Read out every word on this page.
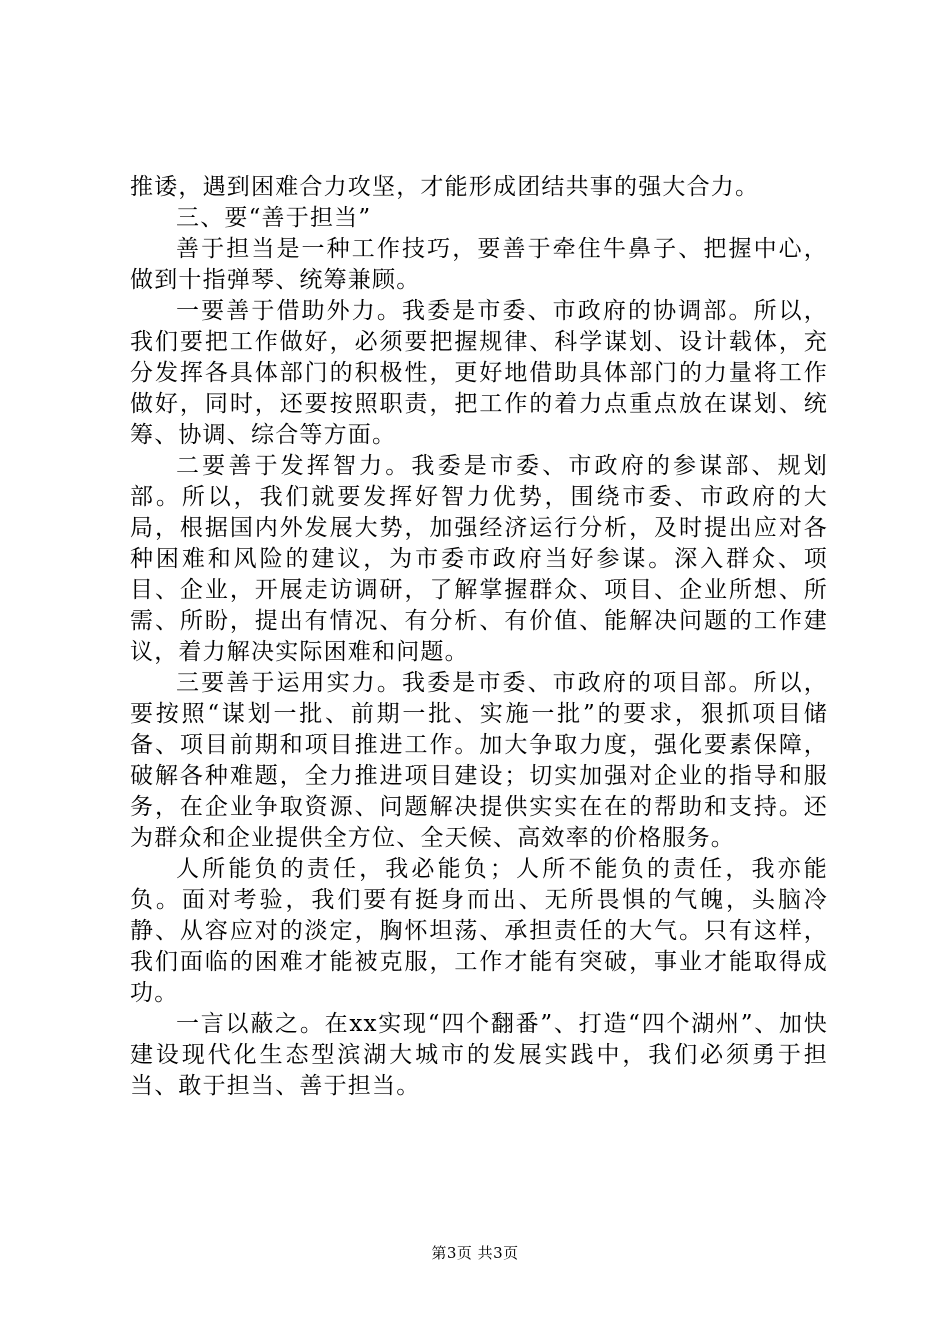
推诿，遇到困难合力攻坚，才能形成团结共事的强大合力。

三、要“善于担当”

善于担当是一种工作技巧，要善于牵住牛鼻子、把握中心，做到十指弹琴、统筹兼顾。

一要善于借助外力。我委是市委、市政府的协调部。所以，我们要把工作做好，必须要把握规律、科学谋划、设计载体，充分发挥各具体部门的积极性，更好地借助具体部门的力量将工作做好，同时，还要按照职责，把工作的着力点重点放在谋划、统筹、协调、综合等方面。

二要善于发挥智力。我委是市委、市政府的参谋部、规划部。所以，我们就要发挥好智力优势，围绕市委、市政府的大局，根据国内外发展大势，加强经济运行分析，及时提出应对各种困难和风险的建议，为市委市政府当好参谋。深入群众、项目、企业，开展走访调研，了解掌握群众、项目、企业所想、所需、所盼，提出有情况、有分析、有价值、能解决问题的工作建议，着力解决实际困难和问题。

三要善于运用实力。我委是市委、市政府的项目部。所以，要按照“谋划一批、前期一批、实施一批”的要求，狠抓项目储备、项目前期和项目推进工作。加大争取力度，强化要素保障，破解各种难题，全力推进项目建设；切实加强对企业的指导和服务，在企业争取资源、问题解决提供实实在在的帮助和支持。还为群众和企业提供全方位、全天候、高效率的价格服务。

人所能负的责任，我必能负；人所不能负的责任，我亦能负。面对考验，我们要有挺身而出、无所畏惧的气魄，头脑冷静、从容应对的淡定，胸怀坦荡、承担责任的大气。只有这样，我们面临的困难才能被克服，工作才能有突破，事业才能取得成功。

一言以蔽之。在xx实现“四个翻番”、打造“四个湖州”、加快建设现代化生态型滨湖大城市的发展实践中，我们必须勇于担当、敢于担当、善于担当。

第3页 共3页
